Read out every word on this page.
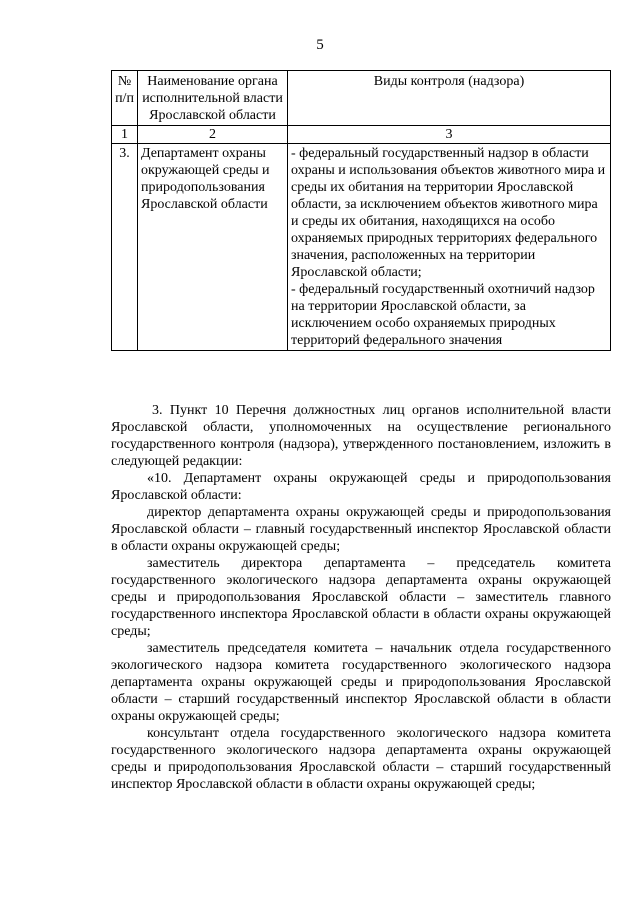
5
№ п/п	Наименование органа исполнительной власти Ярославской области	Виды контроля (надзора)
1	2	3
3.	Департамент охраны окружающей среды и природопользования Ярославской области	- федеральный государственный надзор в области охраны и использования объектов животного мира и среды их обитания на территории Ярославской области, за исключением объектов животного мира и среды их обитания, находящихся на особо охраняемых природных территориях федерального значения, расположенных на территории Ярославской области;
- федеральный государственный охотничий надзор на территории Ярославской области, за исключением особо охраняемых природных территорий федерального значения

3. Пункт 10 Перечня должностных лиц органов исполнительной власти Ярославской области, уполномоченных на осуществление регионального государственного контроля (надзора), утвержденного постановлением, изложить в следующей редакции:

«10. Департамент охраны окружающей среды и природопользования Ярославской области:

директор департамента охраны окружающей среды и природопользования Ярославской области – главный государственный инспектор Ярославской области в области охраны окружающей среды;

заместитель директора департамента – председатель комитета государственного экологического надзора департамента охраны окружающей среды и природопользования Ярославской области – заместитель главного государственного инспектора Ярославской области в области охраны окружающей среды;

заместитель председателя комитета – начальник отдела государственного экологического надзора комитета государственного экологического надзора департамента охраны окружающей среды и природопользования Ярославской области – старший государственный инспектор Ярославской области в области охраны окружающей среды;

консультант отдела государственного экологического надзора комитета государственного экологического надзора департамента охраны окружающей среды и природопользования Ярославской области – старший государственный инспектор Ярославской области в области охраны окружающей среды;
